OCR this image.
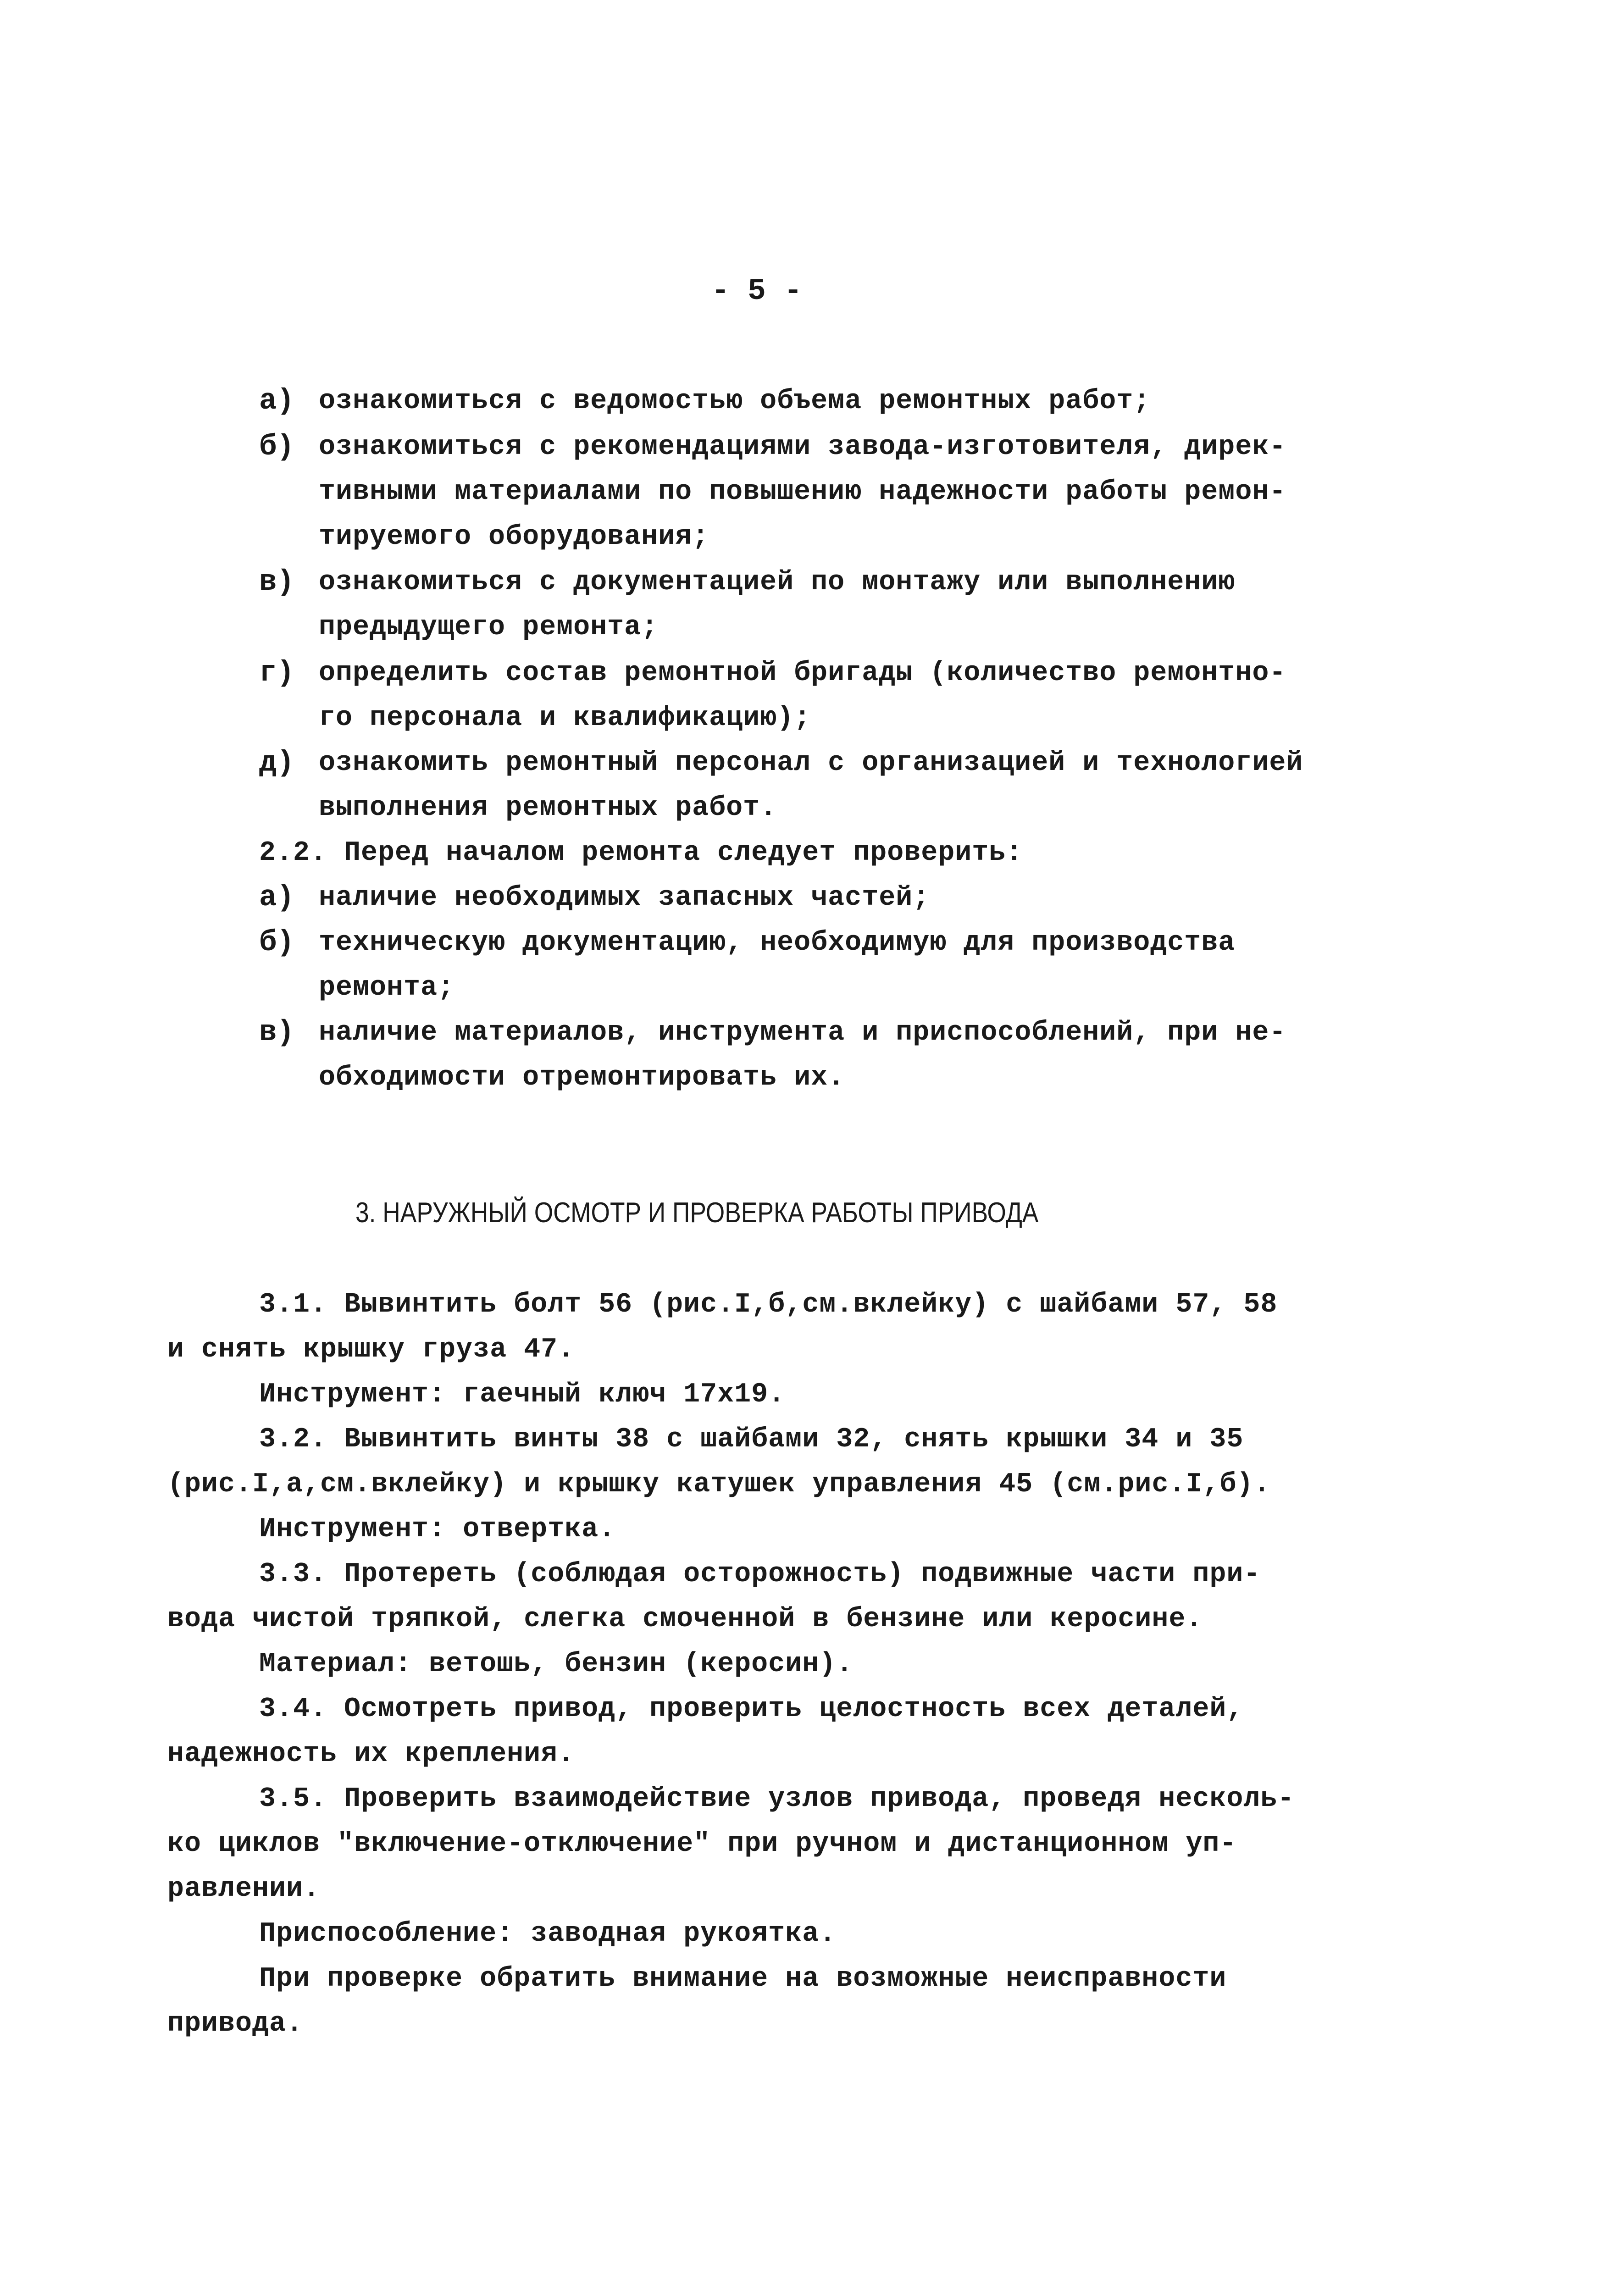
- 5 -
а) ознакомиться с ведомостью объема ремонтных работ;
б) ознакомиться с рекомендациями завода-изготовителя, дирек-
тивными материалами по повышению надежности работы ремон-
тируемого оборудования;
в) ознакомиться с документацией по монтажу или выполнению
предыдущего ремонта;
г) определить состав ремонтной бригады (количество ремонтно-
го персонала и квалификацию);
д) ознакомить ремонтный персонал с организацией и технологией
выполнения ремонтных работ.
2.2. Перед началом ремонта следует проверить:
а) наличие необходимых запасных частей;
б) техническую документацию, необходимую для производства
ремонта;
в) наличие материалов, инструмента и приспособлений, при не-
обходимости отремонтировать их.
3. НАРУЖНЫЙ ОСМОТР И ПРОВЕРКА РАБОТЫ ПРИВОДА
3.1. Вывинтить болт 56 (рис.I,б,см.вклейку) с шайбами 57, 58
и снять крышку груза 47.
Инструмент: гаечный ключ 17х19.
3.2. Вывинтить винты 38 с шайбами 32, снять крышки 34 и 35
(рис.I,а,см.вклейку) и крышку катушек управления 45 (см.рис.I,б).
Инструмент: отвертка.
3.3. Протереть (соблюдая осторожность) подвижные части при-
вода чистой тряпкой, слегка смоченной в бензине или керосине.
Материал: ветошь, бензин (керосин).
3.4. Осмотреть привод, проверить целостность всех деталей,
надежность их крепления.
3.5. Проверить взаимодействие узлов привода, проведя несколь-
ко циклов "включение-отключение" при ручном и дистанционном уп-
равлении.
Приспособление: заводная рукоятка.
При проверке обратить внимание на возможные неисправности
привода.
